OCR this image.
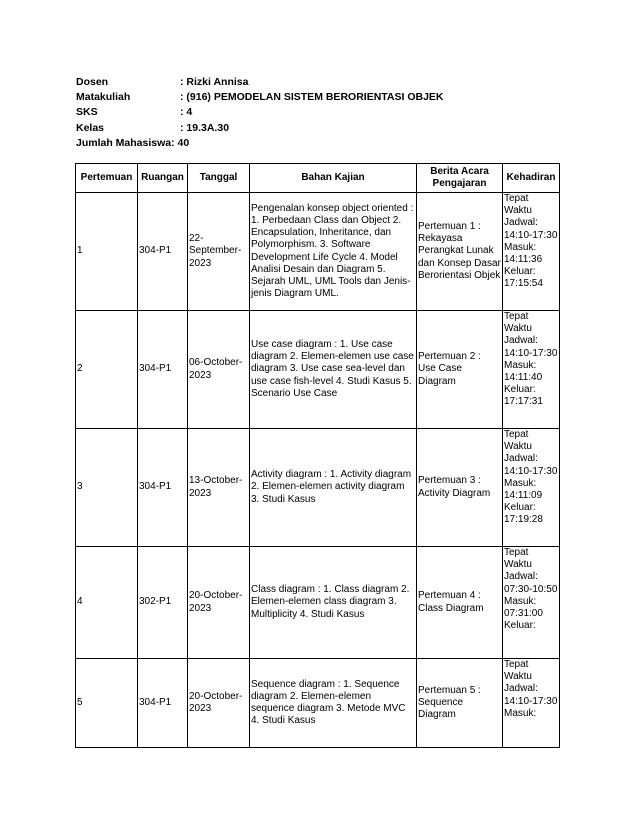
Dosen	: Rizki Annisa
Matakuliah	: (916) PEMODELAN SISTEM BERORIENTASI OBJEK
SKS	: 4
Kelas	: 19.3A.30
Jumlah Mahasiswa : 40
Pertemuan	Ruangan	Tanggal	Bahan Kajian	Berita Acara Pengajaran	Kehadiran
1	304-P1	22-September-2023	Pengenalan konsep object oriented : 1. Perbedaan Class dan Object 2. Encapsulation, Inheritance, dan Polymorphism. 3. Software Development Life Cycle 4. Model Analisi Desain dan Diagram 5. Sejarah UML, UML Tools dan Jenis-jenis Diagram UML.	Pertemuan 1 : Rekayasa Perangkat Lunak dan Konsep Dasar Berorientasi Objek	Tepat Waktu Jadwal: 14:10-17:30 Masuk: 14:11:36 Keluar: 17:15:54
2	304-P1	06-October-2023	Use case diagram : 1. Use case diagram 2. Elemen-elemen use case diagram 3. Use case sea-level dan use case fish-level 4. Studi Kasus 5. Scenario Use Case	Pertemuan 2 : Use Case Diagram	Tepat Waktu Jadwal: 14:10-17:30 Masuk: 14:11:40 Keluar: 17:17:31
3	304-P1	13-October-2023	Activity diagram : 1. Activity diagram 2. Elemen-elemen activity diagram 3. Studi Kasus	Pertemuan 3 : Activity Diagram	Tepat Waktu Jadwal: 14:10-17:30 Masuk: 14:11:09 Keluar: 17:19:28
4	302-P1	20-October-2023	Class diagram : 1. Class diagram 2. Elemen-elemen class diagram 3. Multiplicity 4. Studi Kasus	Pertemuan 4 : Class Diagram	Tepat Waktu Jadwal: 07:30-10:50 Masuk: 07:31:00 Keluar:
5	304-P1	20-October-2023	Sequence diagram : 1. Sequence diagram 2. Elemen-elemen sequence diagram 3. Metode MVC 4. Studi Kasus	Pertemuan 5 : Sequence Diagram	Tepat Waktu Jadwal: 14:10-17:30 Masuk:
